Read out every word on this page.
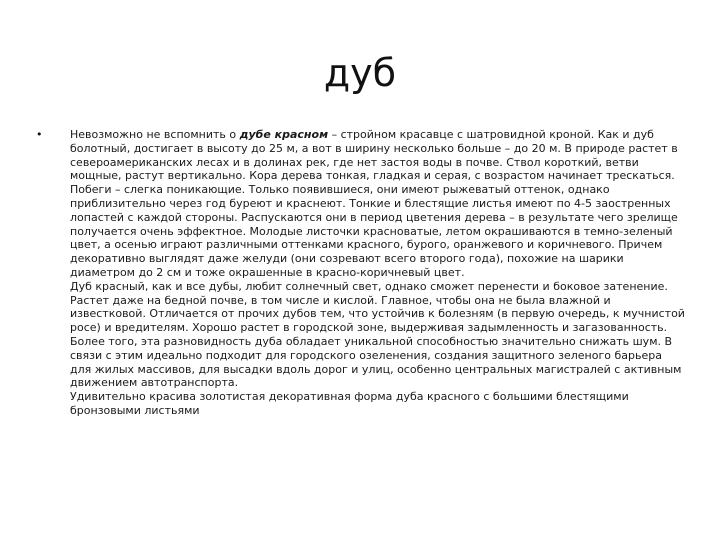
дуб
•	Невозможно не вспомнить о дубе красном – стройном красавце с шатровидной кроной. Как и дуб болотный, достигает в высоту до 25 м, а вот в ширину несколько больше – до 20 м. В природе растет в североамериканских лесах и в долинах рек, где нет застоя воды в почве. Ствол короткий, ветви мощные, растут вертикально. Кора дерева тонкая, гладкая и серая, с возрастом начинает трескаться. Побеги – слегка поникающие. Только появившиеся, они имеют рыжеватый оттенок, однако приблизительно через год буреют и краснеют. Тонкие и блестящие листья имеют по 4-5 заостренных лопастей с каждой стороны. Распускаются они в период цветения дерева – в результате чего зрелище получается очень эффектное. Молодые листочки красноватые, летом окрашиваются в темно-зеленый цвет, а осенью играют различными оттенками красного, бурого, оранжевого и коричневого. Причем декоративно выглядят даже желуди (они созревают всего второго года), похожие на шарики диаметром до 2 см и тоже окрашенные в красно-коричневый цвет.
Дуб красный, как и все дубы, любит солнечный свет, однако сможет перенести и боковое затенение. Растет даже на бедной почве, в том числе и кислой. Главное, чтобы она не была влажной и известковой. Отличается от прочих дубов тем, что устойчив к болезням (в первую очередь, к мучнистой росе) и вредителям. Хорошо растет в городской зоне, выдерживая задымленность и загазованность. Более того, эта разновидность дуба обладает уникальной способностью значительно снижать шум. В связи с этим идеально подходит для городского озеленения, создания защитного зеленого барьера для жилых массивов, для высадки вдоль дорог и улиц, особенно центральных магистралей с активным движением автотранспорта.
Удивительно красива золотистая декоративная форма дуба красного с большими блестящими бронзовыми листьями
